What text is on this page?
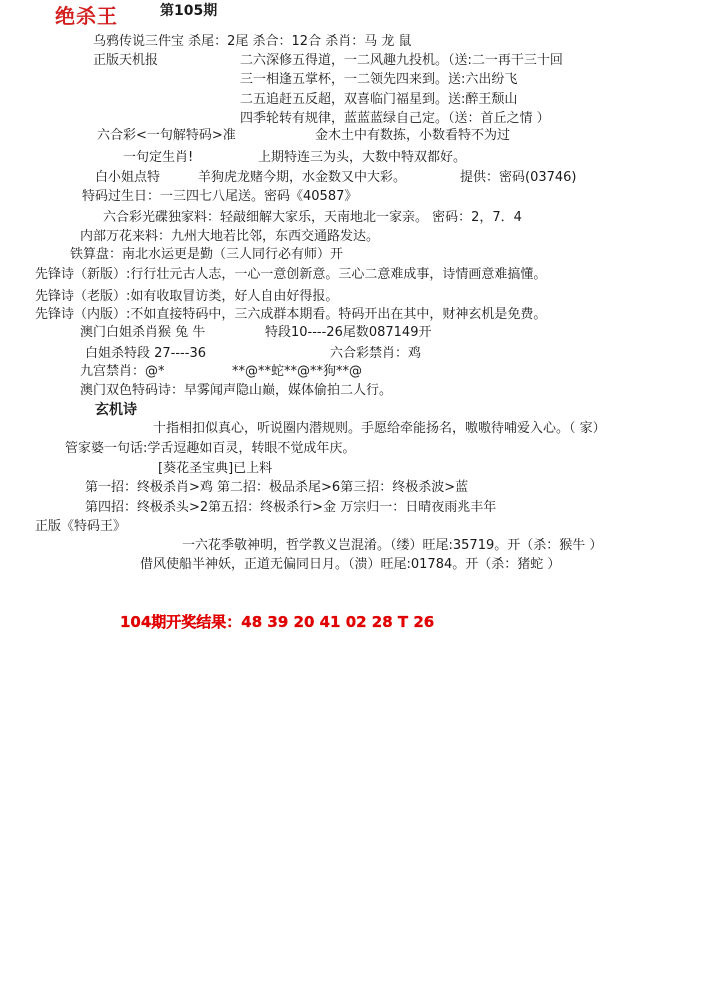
绝杀王	第105期
乌鸦传说三件宝 杀尾：2尾 杀合：12合 杀肖：马 龙 鼠
正版天机报	二六深修五得道，一二风趣九投机。（送:二一再干三十回
三一相逢五掌杯，一二领先四来到。送:六出纷飞
二五追赶五反超，双喜临门福星到。送:醉王颓山
四季轮转有规律，蓝蓝蓝绿自己定。（送：首丘之情 ）
六合彩<一句解特码>准	金木土中有数拣，小数看特不为过
一句定生肖!	上期特连三为头，大数中特双都好。
白小姐点特	羊狗虎龙赌今期，水金数又中大彩。	提供：密码(03746)
特码过生日：一三四七八尾送。密码《40587》
六合彩光碟独家料：轻敲细解大家乐，天南地北一家亲。 密码：2，7．4
内部万花来料：九州大地若比邻，东西交通路发达。
铁算盘：南北水运更是勤（三人同行必有师）开
先锋诗（新版）:行行壮元古人志，一心一意创新意。三心二意难成事，诗情画意难搞懂。
先锋诗（老版）:如有收取冒访类，好人自由好得报。
先锋诗（内版）:不如直接特码中，三六成群本期看。特码开出在其中，财神玄机是免费。
澳门白姐杀肖猴 兔 牛	特段10----26尾数087149开
白姐杀特段 27----36	六合彩禁肖：鸡
九宫禁肖：@*	**@**蛇**@**狗**@
澳门双色特码诗：早雾闻声隐山巅，媒体偷拍二人行。
玄机诗
十指相扣似真心，听说圈内潜规则。手愿给牵能扬名，嗷嗷待哺爱入心。（ 家）
管家婆一句话:学舌逗趣如百灵，转眼不觉成年庆。
[葵花圣宝典]已上料
第一招：终极杀肖>鸡 第二招：极品杀尾>6第三招：终极杀波>蓝
第四招：终极杀头>2第五招：终极杀行>金 万宗归一：日晴夜雨兆丰年
正版《特码王》
一六花季敬神明，哲学教义岂混淆。（缕）旺尾:35719。开（杀：猴牛 ）
借风使船半神妖，正道无偏同日月。（溃）旺尾:01784。开（杀：猪蛇 ）
104期开奖结果：48 39 20 41 02 28 T 26
